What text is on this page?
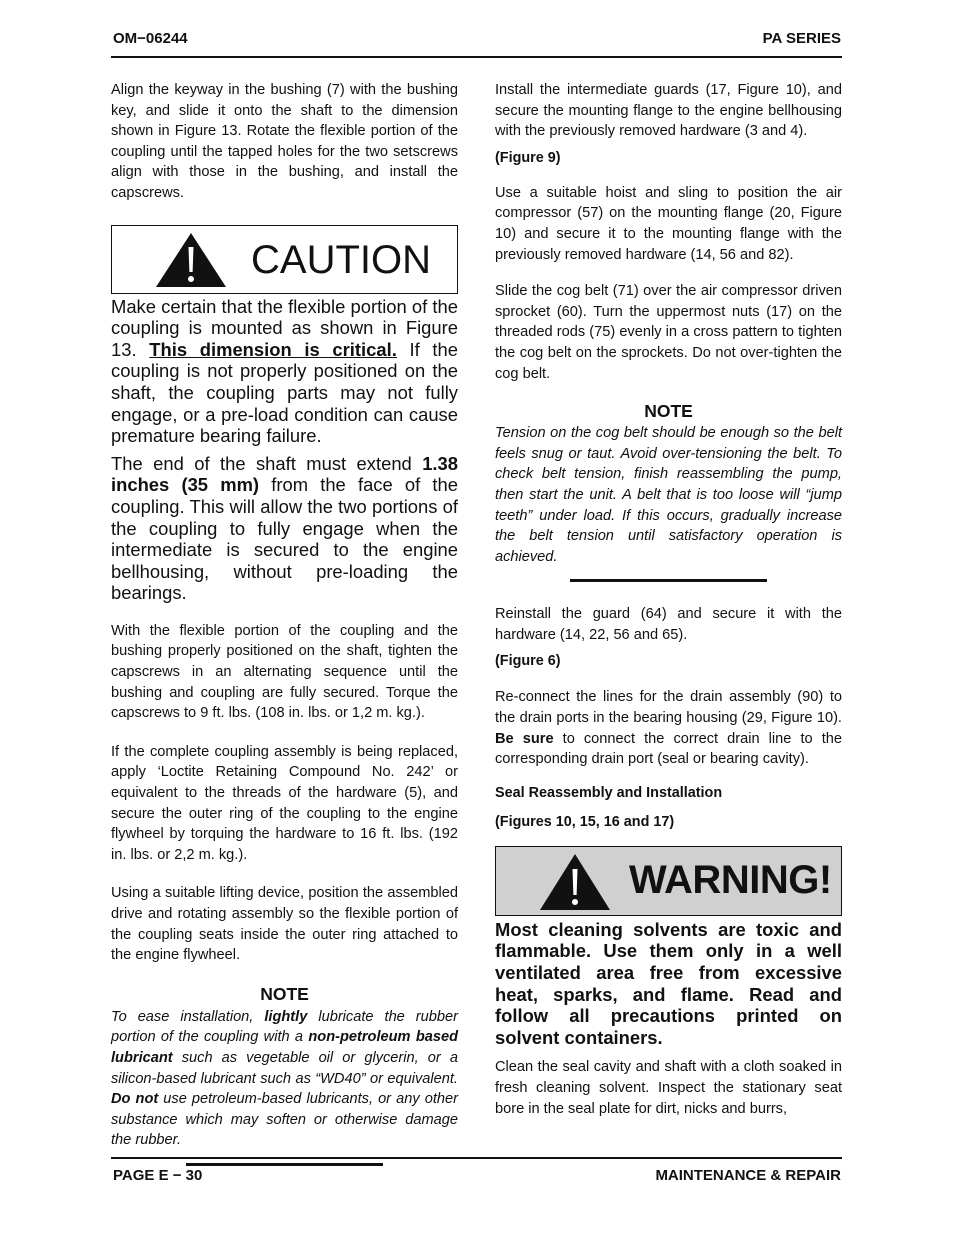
OM−06244	PA SERIES

Align the keyway in the bushing (7) with the bushing key, and slide it onto the shaft to the dimension shown in Figure 13. Rotate the flexible portion of the coupling until the tapped holes for the two setscrews align with those in the bushing, and install the capscrews.

CAUTION

Make certain that the flexible portion of the coupling is mounted as shown in Figure 13. This dimension is critical. If the coupling is not properly positioned on the shaft, the coupling parts may not fully engage, or a pre-load condition can cause premature bearing failure.

The end of the shaft must extend 1.38 inches (35 mm) from the face of the coupling. This will allow the two portions of the coupling to fully engage when the intermediate is secured to the engine bellhousing, without pre-loading the bearings.

With the flexible portion of the coupling and the bushing properly positioned on the shaft, tighten the capscrews in an alternating sequence until the bushing and coupling are fully secured. Torque the capscrews to 9 ft. lbs. (108 in. lbs. or 1,2 m. kg.).

If the complete coupling assembly is being replaced, apply ‘Loctite Retaining Compound No. 242’ or equivalent to the threads of the hardware (5), and secure the outer ring of the coupling to the engine flywheel by torquing the hardware to 16 ft. lbs. (192 in. lbs. or 2,2 m. kg.).

Using a suitable lifting device, position the assembled drive and rotating assembly so the flexible portion of the coupling seats inside the outer ring attached to the engine flywheel.

NOTE

To ease installation, lightly lubricate the rubber portion of the coupling with a non-petroleum based lubricant such as vegetable oil or glycerin, or a silicon-based lubricant such as “WD40” or equivalent. Do not use petroleum-based lubricants, or any other substance which may soften or otherwise damage the rubber.

Install the intermediate guards (17, Figure 10), and secure the mounting flange to the engine bellhousing with the previously removed hardware (3 and 4).

(Figure 9)

Use a suitable hoist and sling to position the air compressor (57) on the mounting flange (20, Figure 10) and secure it to the mounting flange with the previously removed hardware (14, 56 and 82).

Slide the cog belt (71) over the air compressor driven sprocket (60). Turn the uppermost nuts (17) on the threaded rods (75) evenly in a cross pattern to tighten the cog belt on the sprockets. Do not over-tighten the cog belt.

NOTE

Tension on the cog belt should be enough so the belt feels snug or taut. Avoid over-tensioning the belt. To check belt tension, finish reassembling the pump, then start the unit. A belt that is too loose will “jump teeth” under load. If this occurs, gradually increase the belt tension until satisfactory operation is achieved.

Reinstall the guard (64) and secure it with the hardware (14, 22, 56 and 65).

(Figure 6)

Re-connect the lines for the drain assembly (90) to the drain ports in the bearing housing (29, Figure 10). Be sure to connect the correct drain line to the corresponding drain port (seal or bearing cavity).

Seal Reassembly and Installation
(Figures 10, 15, 16 and 17)
WARNING!

Most cleaning solvents are toxic and flammable. Use them only in a well ventilated area free from excessive heat, sparks, and flame. Read and follow all precautions printed on solvent containers.

Clean the seal cavity and shaft with a cloth soaked in fresh cleaning solvent. Inspect the stationary seat bore in the seal plate for dirt, nicks and burrs,

PAGE E − 30	MAINTENANCE & REPAIR
